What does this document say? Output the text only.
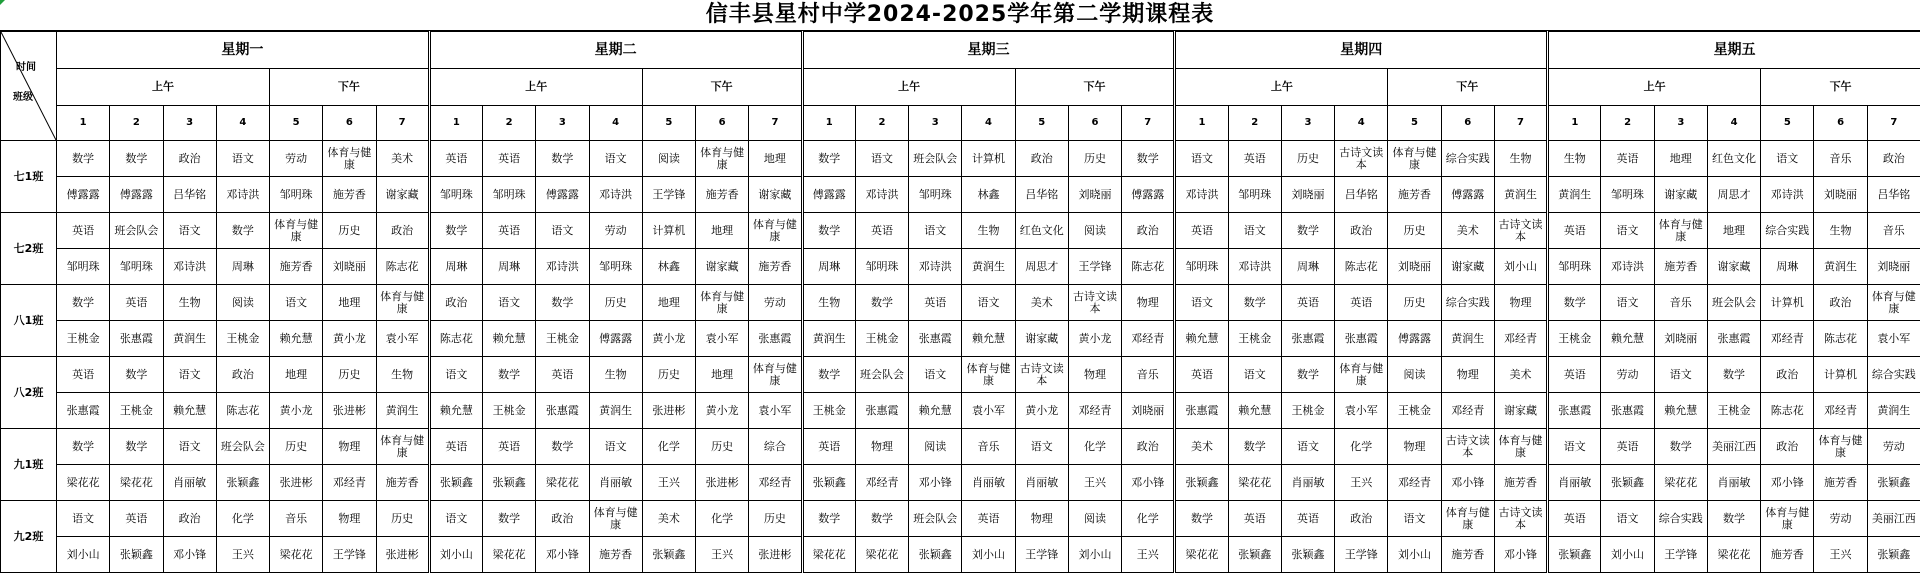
信丰县星村中学2024-2025学年第二学期课程表
时间
班级	星期一							星期二							星期三							星期四							星期五						
	上午				下午			上午				下午			上午				下午			上午				下午			上午				下午		
	1	2	3	4	5	6	7	1	2	3	4	5	6	7	1	2	3	4	5	6	7	1	2	3	4	5	6	7	1	2	3	4	5	6	7
七1班	数学	数学	政治	语文	劳动	体育与健康	美术	英语	英语	数学	语文	阅读	体育与健康	地理	数学	语文	班会队会	计算机	政治	历史	数学	语文	英语	历史	古诗文读本	体育与健康	综合实践	生物	生物	英语	地理	红色文化	语文	音乐	政治
	傅露露	傅露露	吕华铭	邓诗洪	邹明珠	施芳香	谢家藏	邹明珠	邹明珠	傅露露	邓诗洪	王学锋	施芳香	谢家藏	傅露露	邓诗洪	邹明珠	林鑫	吕华铭	刘晓丽	傅露露	邓诗洪	邹明珠	刘晓丽	吕华铭	施芳香	傅露露	黄润生	黄润生	邹明珠	谢家藏	周思才	邓诗洪	刘晓丽	吕华铭
七2班	英语	班会队会	语文	数学	体育与健康	历史	政治	数学	英语	语文	劳动	计算机	地理	体育与健康	数学	英语	语文	生物	红色文化	阅读	政治	英语	语文	数学	政治	历史	美术	古诗文读本	英语	语文	体育与健康	地理	综合实践	生物	音乐
	邹明珠	邹明珠	邓诗洪	周琳	施芳香	刘晓丽	陈志花	周琳	周琳	邓诗洪	邹明珠	林鑫	谢家藏	施芳香	周琳	邹明珠	邓诗洪	黄润生	周思才	王学锋	陈志花	邹明珠	邓诗洪	周琳	陈志花	刘晓丽	谢家藏	刘小山	邹明珠	邓诗洪	施芳香	谢家藏	周琳	黄润生	刘晓丽
八1班	数学	英语	生物	阅读	语文	地理	体育与健康	政治	语文	数学	历史	地理	体育与健康	劳动	生物	数学	英语	语文	美术	古诗文读本	物理	语文	数学	英语	英语	历史	综合实践	物理	数学	语文	音乐	班会队会	计算机	政治	体育与健康
	王桃金	张惠霞	黄润生	王桃金	赖允慧	黄小龙	袁小军	陈志花	赖允慧	王桃金	傅露露	黄小龙	袁小军	张惠霞	黄润生	王桃金	张惠霞	赖允慧	谢家藏	黄小龙	邓经青	赖允慧	王桃金	张惠霞	张惠霞	傅露露	黄润生	邓经青	王桃金	赖允慧	刘晓丽	张惠霞	邓经青	陈志花	袁小军
八2班	英语	数学	语文	政治	地理	历史	生物	语文	数学	英语	生物	历史	地理	体育与健康	数学	班会队会	语文	体育与健康	古诗文读本	物理	音乐	英语	语文	数学	体育与健康	阅读	物理	美术	英语	劳动	语文	数学	政治	计算机	综合实践
	张惠霞	王桃金	赖允慧	陈志花	黄小龙	张进彬	黄润生	赖允慧	王桃金	张惠霞	黄润生	张进彬	黄小龙	袁小军	王桃金	张惠霞	赖允慧	袁小军	黄小龙	邓经青	刘晓丽	张惠霞	赖允慧	王桃金	袁小军	王桃金	邓经青	谢家藏	张惠霞	张惠霞	赖允慧	王桃金	陈志花	邓经青	黄润生
九1班	数学	数学	语文	班会队会	历史	物理	体育与健康	英语	英语	数学	语文	化学	历史	综合	英语	物理	阅读	音乐	语文	化学	政治	美术	数学	语文	化学	物理	古诗文读本	体育与健康	语文	英语	数学	美丽江西	政治	体育与健康	劳动
	梁花花	梁花花	肖丽敏	张颖鑫	张进彬	邓经青	施芳香	张颖鑫	张颖鑫	梁花花	肖丽敏	王兴	张进彬	邓经青	张颖鑫	邓经青	邓小锋	肖丽敏	肖丽敏	王兴	邓小锋	张颖鑫	梁花花	肖丽敏	王兴	邓经青	邓小锋	施芳香	肖丽敏	张颖鑫	梁花花	肖丽敏	邓小锋	施芳香	张颖鑫
九2班	语文	英语	政治	化学	音乐	物理	历史	语文	数学	政治	体育与健康	美术	化学	历史	数学	数学	班会队会	英语	物理	阅读	化学	数学	英语	英语	政治	语文	体育与健康	古诗文读本	英语	语文	综合实践	数学	体育与健康	劳动	美丽江西
	刘小山	张颖鑫	邓小锋	王兴	梁花花	王学锋	张进彬	刘小山	梁花花	邓小锋	施芳香	张颖鑫	王兴	张进彬	梁花花	梁花花	张颖鑫	刘小山	王学锋	刘小山	王兴	梁花花	张颖鑫	张颖鑫	王学锋	刘小山	施芳香	邓小锋	张颖鑫	刘小山	王学锋	梁花花	施芳香	王兴	张颖鑫
